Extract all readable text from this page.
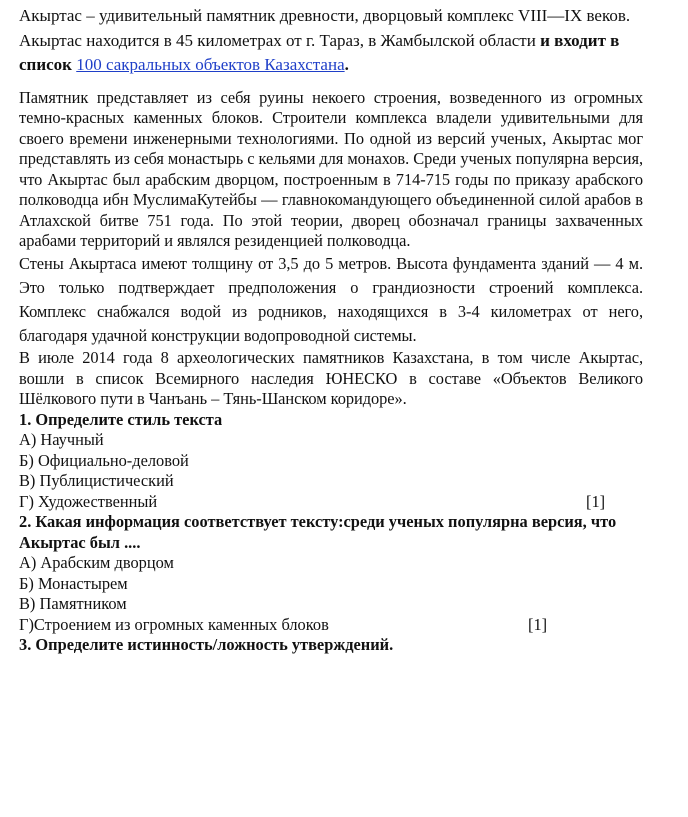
Акыртас – удивительный памятник древности, дворцовый комплекс VIII—IX веков. Акыртас находится в 45 километрах от г. Тараз, в Жамбылской области и входит в список 100 сакральных объектов Казахстана.

Памятник представляет из себя руины некоего строения, возведенного из огромных темно-красных каменных блоков. Строители комплекса владели удивительными для своего времени инженерными технологиями. По одной из версий ученых, Акыртас мог представлять из себя монастырь с кельями для монахов. Среди ученых популярна версия, что Акыртас был арабским дворцом, построенным в 714-715 годы по приказу арабского полководца ибн МуслимаКутейбы — главнокомандующего объединенной силой арабов в Атлахской битве 751 года. По этой теории, дворец обозначал границы захваченных арабами территорий и являлся резиденцией полководца.

Стены Акыртаса имеют толщину от 3,5 до 5 метров. Высота фундамента зданий — 4 м. Это только подтверждает предположения о грандиозности строений комплекса. Комплекс снабжался водой из родников, находящихся в 3-4 километрах от него, благодаря удачной конструкции водопроводной системы.

В июле 2014 года 8 археологических памятников Казахстана, в том числе Акыртас, вошли в список Всемирного наследия ЮНЕСКО в составе «Объектов Великого Шёлкового пути в Чанъань – Тянь-Шанском коридоре».

1. Определите стиль текста

А) Научный

Б) Официально-деловой

В) Публицистический

Г) Художественный	[1]

2. Какая информация соответствует тексту:среди ученых популярна версия, что Акыртас был ....

А) Арабским дворцом

Б) Монастырем

В) Памятником

Г)Строением из огромных каменных блоков	[1]

3. Определите истинность/ложность утверждений.
